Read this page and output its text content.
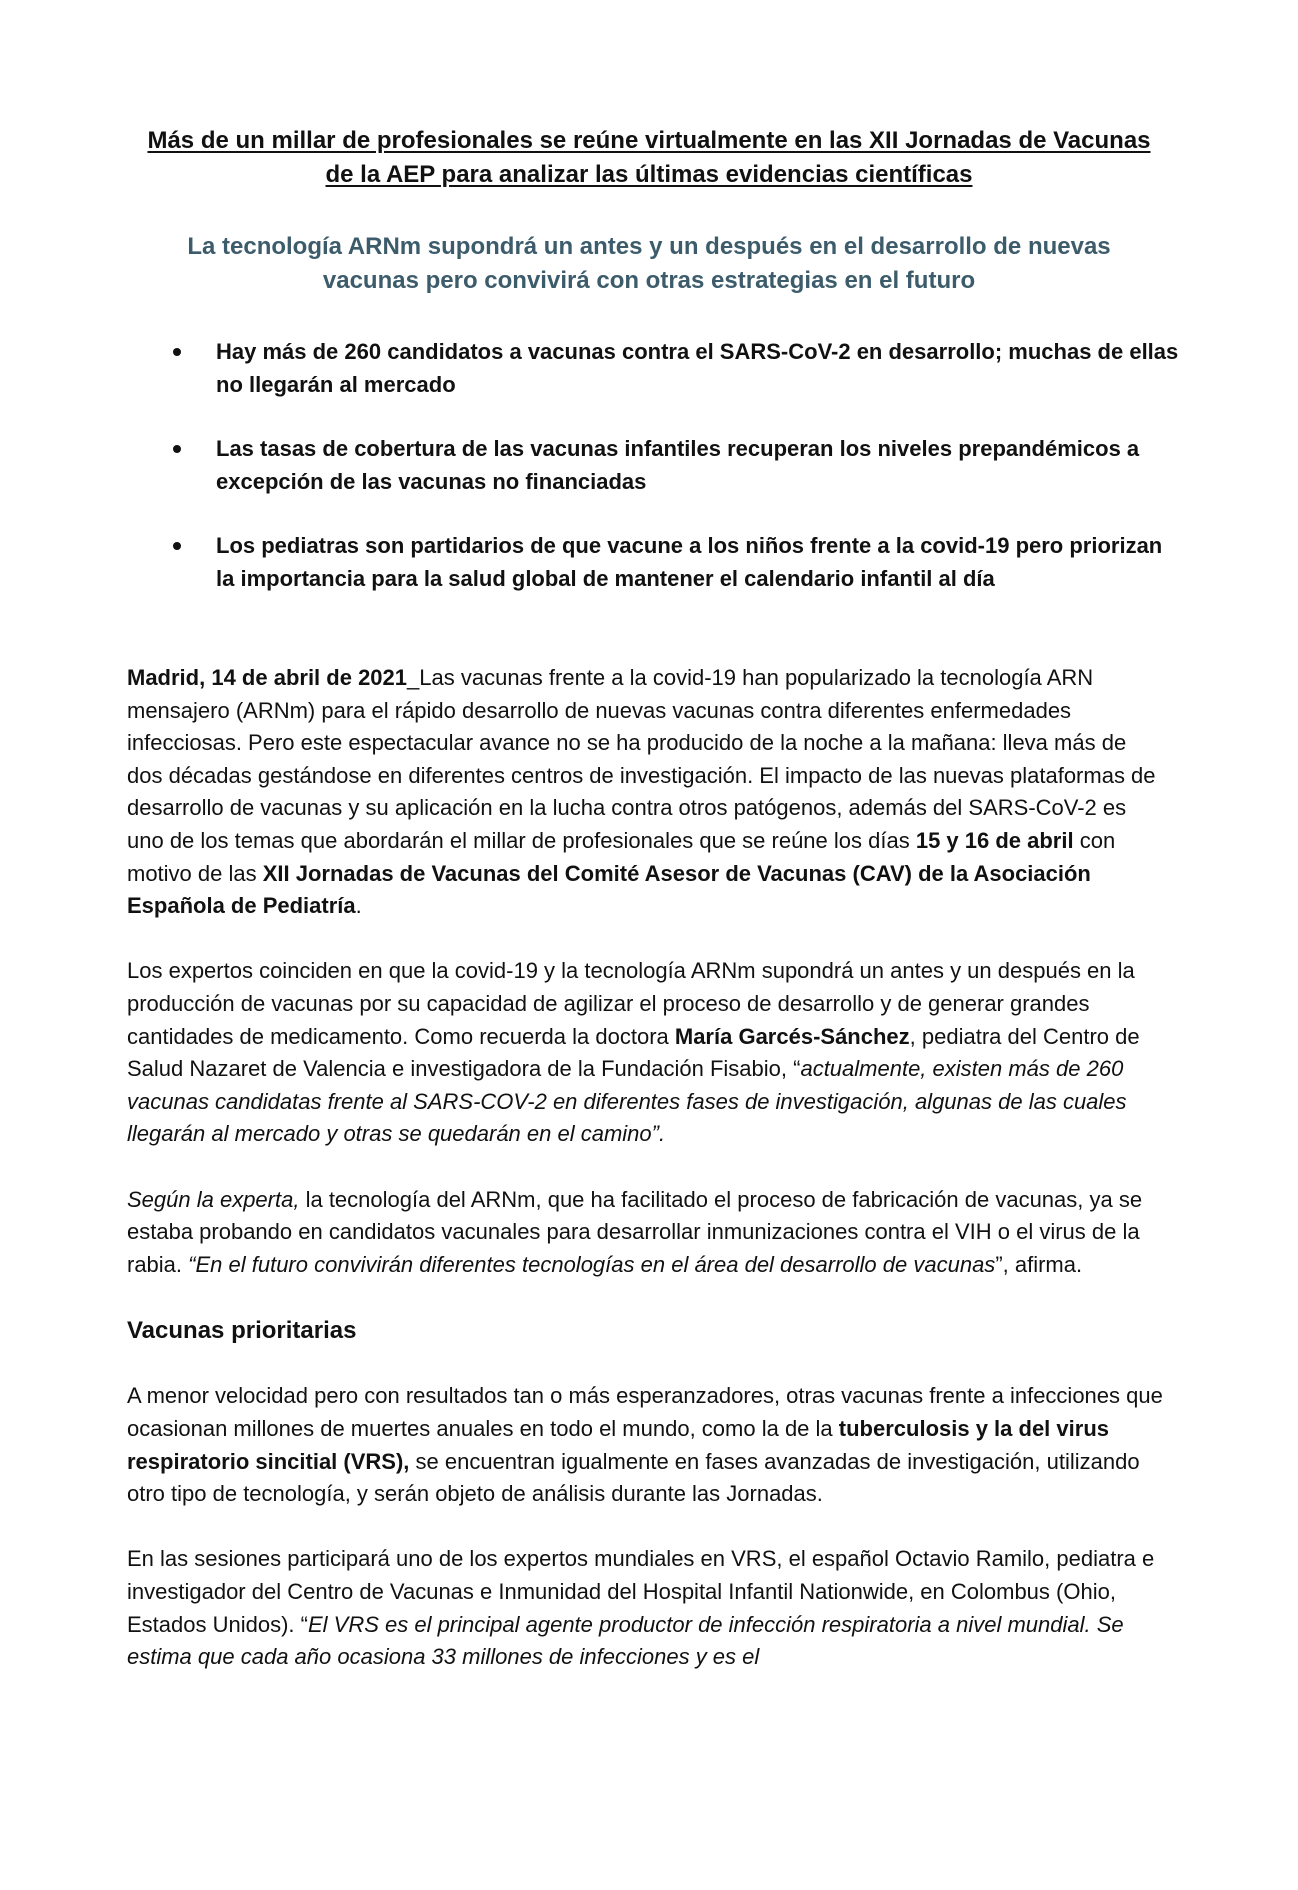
Más de un millar de profesionales se reúne virtualmente en las XII Jornadas de Vacunas de la AEP para analizar las últimas evidencias científicas
La tecnología ARNm supondrá un antes y un después en el desarrollo de nuevas vacunas pero convivirá con otras estrategias en el futuro
Hay más de 260 candidatos a vacunas contra el SARS-CoV-2 en desarrollo; muchas de ellas no llegarán al mercado
Las tasas de cobertura de las vacunas infantiles recuperan los niveles prepandémicos a excepción de las vacunas no financiadas
Los pediatras son partidarios de que vacune a los niños frente a la covid-19 pero priorizan la importancia para la salud global de mantener el calendario infantil al día

Madrid, 14 de abril de 2021_Las vacunas frente a la covid-19 han popularizado la tecnología ARN mensajero (ARNm) para el rápido desarrollo de nuevas vacunas contra diferentes enfermedades infecciosas. Pero este espectacular avance no se ha producido de la noche a la mañana: lleva más de dos décadas gestándose en diferentes centros de investigación. El impacto de las nuevas plataformas de desarrollo de vacunas y su aplicación en la lucha contra otros patógenos, además del SARS-CoV-2 es uno de los temas que abordarán el millar de profesionales que se reúne los días 15 y 16 de abril con motivo de las XII Jornadas de Vacunas del Comité Asesor de Vacunas (CAV) de la Asociación Española de Pediatría.

Los expertos coinciden en que la covid-19 y la tecnología ARNm supondrá un antes y un después en la producción de vacunas por su capacidad de agilizar el proceso de desarrollo y de generar grandes cantidades de medicamento. Como recuerda la doctora María Garcés-Sánchez, pediatra del Centro de Salud Nazaret de Valencia e investigadora de la Fundación Fisabio, “actualmente, existen más de 260 vacunas candidatas frente al SARS-COV-2 en diferentes fases de investigación, algunas de las cuales llegarán al mercado y otras se quedarán en el camino”.

Según la experta, la tecnología del ARNm, que ha facilitado el proceso de fabricación de vacunas, ya se estaba probando en candidatos vacunales para desarrollar inmunizaciones contra el VIH o el virus de la rabia. “En el futuro convivirán diferentes tecnologías en el área del desarrollo de vacunas”, afirma.

Vacunas prioritarias

A menor velocidad pero con resultados tan o más esperanzadores, otras vacunas frente a infecciones que ocasionan millones de muertes anuales en todo el mundo, como la de la tuberculosis y la del virus respiratorio sincitial (VRS), se encuentran igualmente en fases avanzadas de investigación, utilizando otro tipo de tecnología, y serán objeto de análisis durante las Jornadas.

En las sesiones participará uno de los expertos mundiales en VRS, el español Octavio Ramilo, pediatra e investigador del Centro de Vacunas e Inmunidad del Hospital Infantil Nationwide, en Colombus (Ohio, Estados Unidos). “El VRS es el principal agente productor de infección respiratoria a nivel mundial. Se estima que cada año ocasiona 33 millones de infecciones y es el
